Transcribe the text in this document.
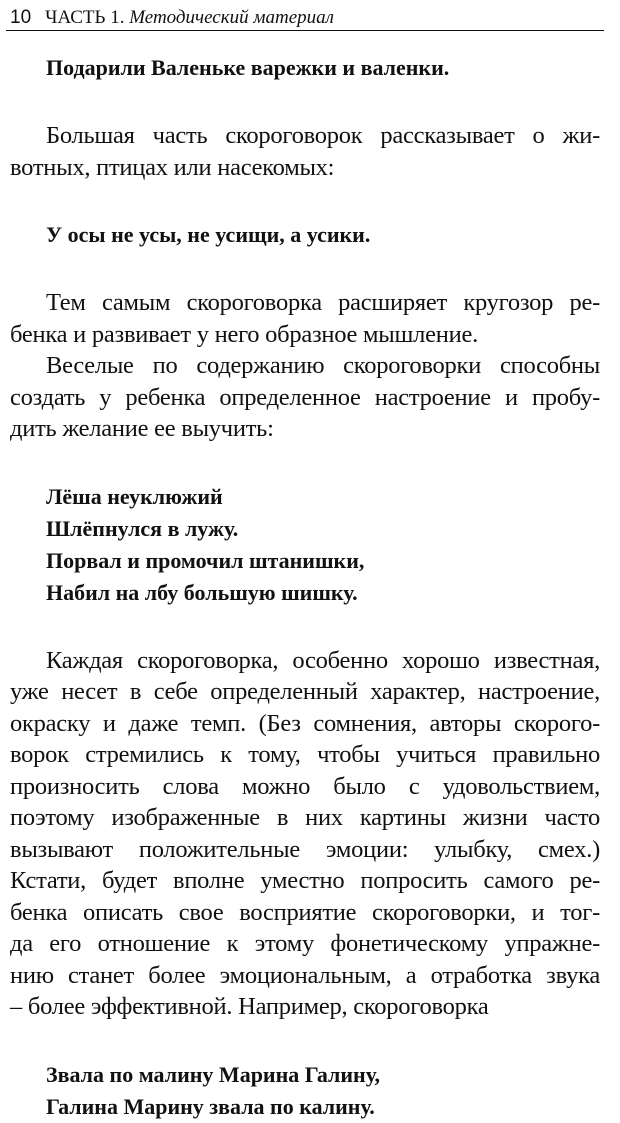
10 ЧАСТЬ 1. Методический материал
Подарили Валеньке варежки и валенки.
Большая часть скороговорок рассказывает о жи-
вотных, птицах или насекомых:
У осы не усы, не усищи, а усики.
Тем самым скороговорка расширяет кругозор ре-
бенка и развивает у него образное мышление.
Веселые по содержанию скороговорки способны
создать у ребенка определенное настроение и пробу-
дить желание ее выучить:
Лёша неуклюжий
Шлёпнулся в лужу.
Порвал и промочил штанишки,
Набил на лбу большую шишку.
Каждая скороговорка, особенно хорошо известная,
уже несет в себе определенный характер, настроение,
окраску и даже темп. (Без сомнения, авторы скорого-
ворок стремились к тому, чтобы учиться правильно
произносить слова можно было с удовольствием,
поэтому изображенные в них картины жизни часто
вызывают положительные эмоции: улыбку, смех.)
Кстати, будет вполне уместно попросить самого ре-
бенка описать свое восприятие скороговорки, и тог-
да его отношение к этому фонетическому упражне-
нию станет более эмоциональным, а отработка звука
– более эффективной. Например, скороговорка
Звала по малину Марина Галину,
Галина Марину звала по калину.
